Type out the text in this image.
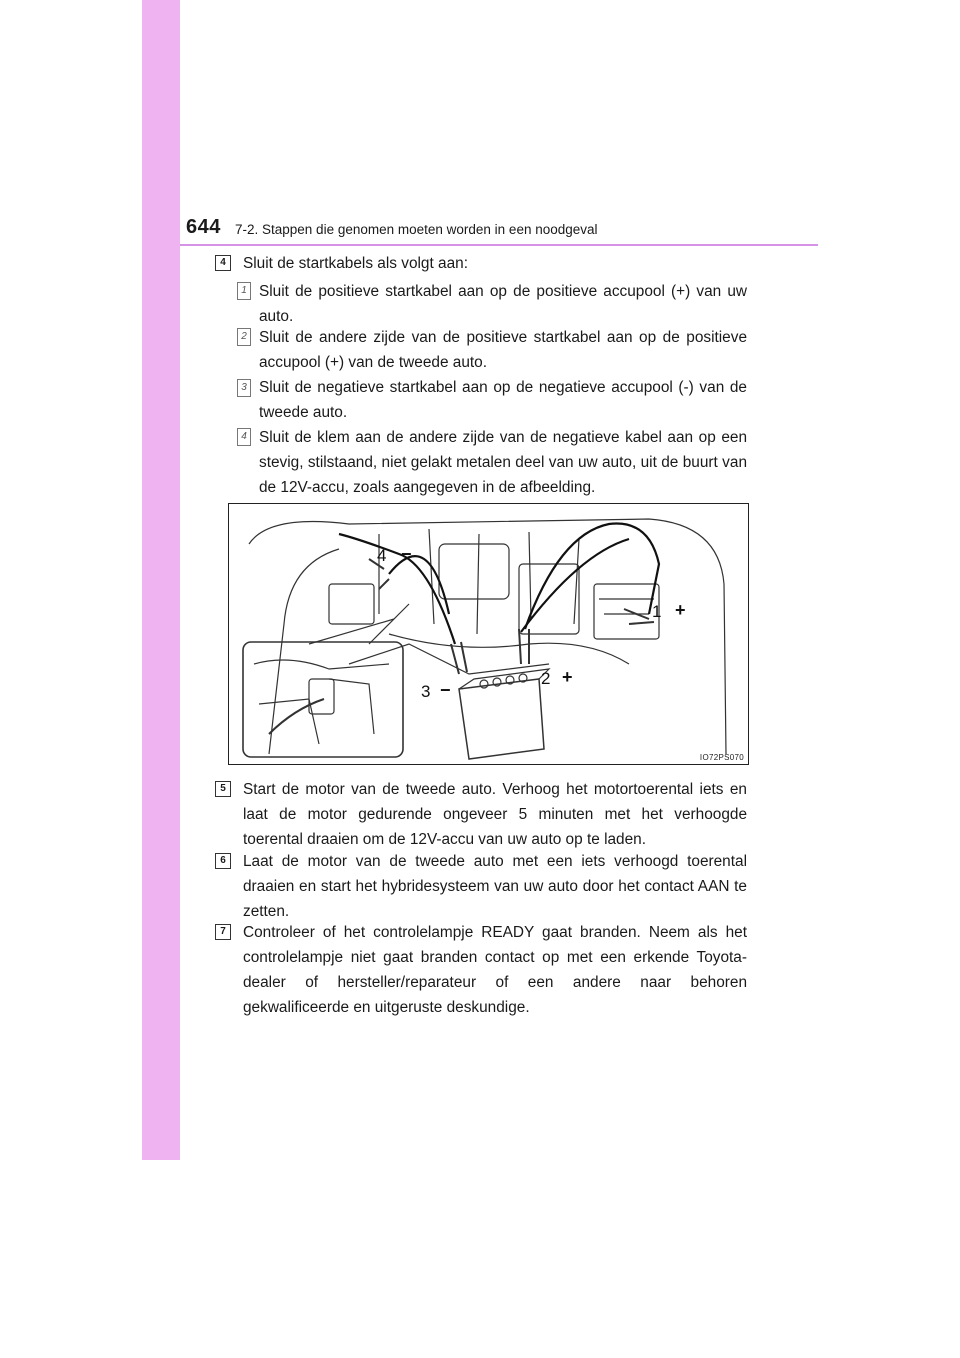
644 7-2. Stappen die genomen moeten worden in een noodgeval
4	Sluit de startkabels als volgt aan:
1 Sluit de positieve startkabel aan op de positieve accupool (+) van uw auto.
2 Sluit de andere zijde van de positieve startkabel aan op de positieve accupool (+) van de tweede auto.
3 Sluit de negatieve startkabel aan op de negatieve accupool (-) van de tweede auto.
4 Sluit de klem aan de andere zijde van de negatieve kabel aan op een stevig, stilstaand, niet gelakt metalen deel van uw auto, uit de buurt van de 12V-accu, zoals aangegeven in de afbeelding.
4 −
1 +
3 −
2 +
IO72PS070
5	Start de motor van de tweede auto. Verhoog het motortoerental iets en laat de motor gedurende ongeveer 5 minuten met het verhoogde toerental draaien om de 12V-accu van uw auto op te laden.
6	Laat de motor van de tweede auto met een iets verhoogd toerental draaien en start het hybridesysteem van uw auto door het contact AAN te zetten.
7	Controleer of het controlelampje READY gaat branden. Neem als het controlelampje niet gaat branden contact op met een erkende Toyota-dealer of hersteller/reparateur of een andere naar behoren gekwalificeerde en uitgeruste deskundige.
